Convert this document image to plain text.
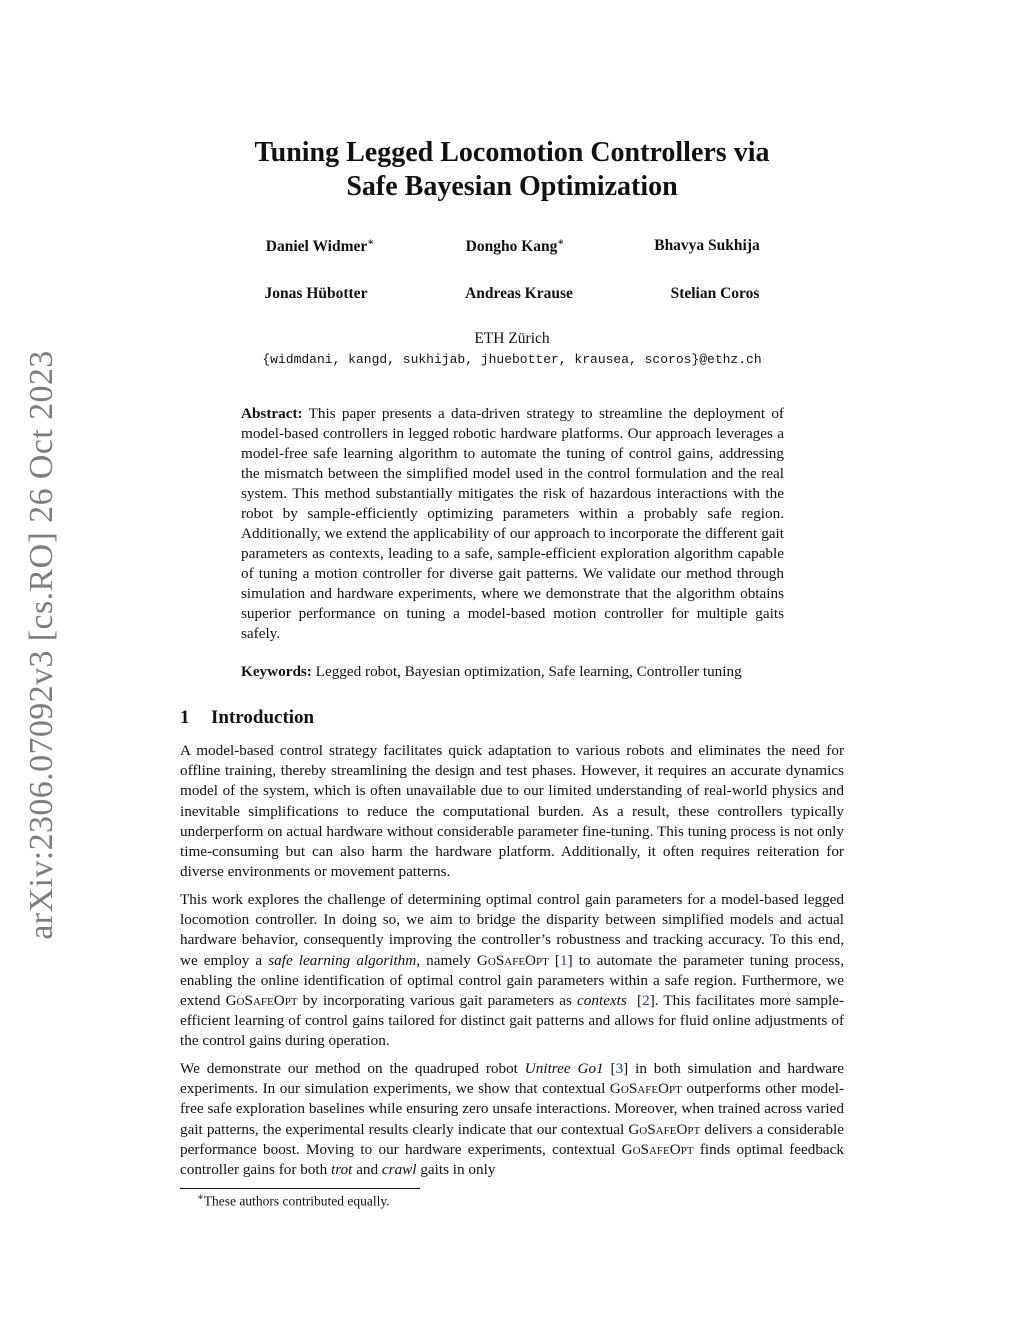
arXiv:2306.07092v3 [cs.RO] 26 Oct 2023
Tuning Legged Locomotion Controllers via
Safe Bayesian Optimization
Daniel Widmer∗	Dongho Kang∗	Bhavya Sukhija
Jonas Hübotter	Andreas Krause	Stelian Coros
ETH Zürich
{widmdani, kangd, sukhijab, jhuebotter, krausea, scoros}@ethz.ch
Abstract: This paper presents a data-driven strategy to streamline the deployment of model-based controllers in legged robotic hardware platforms. Our approach leverages a model-free safe learning algorithm to automate the tuning of control gains, addressing the mismatch between the simplified model used in the control formulation and the real system. This method substantially mitigates the risk of hazardous interactions with the robot by sample-efficiently optimizing parameters within a probably safe region. Additionally, we extend the applicability of our approach to incorporate the different gait parameters as contexts, leading to a safe, sample-efficient exploration algorithm capable of tuning a motion controller for diverse gait patterns. We validate our method through simulation and hardware experiments, where we demonstrate that the algorithm obtains superior performance on tuning a model-based motion controller for multiple gaits safely.
Keywords: Legged robot, Bayesian optimization, Safe learning, Controller tuning
1 Introduction
A model-based control strategy facilitates quick adaptation to various robots and eliminates the need for offline training, thereby streamlining the design and test phases. However, it requires an accurate dynamics model of the system, which is often unavailable due to our limited understanding of real-world physics and inevitable simplifications to reduce the computational burden. As a result, these controllers typically underperform on actual hardware without considerable parameter fine-tuning. This tuning process is not only time-consuming but can also harm the hardware platform. Additionally, it often requires reiteration for diverse environments or movement patterns.
This work explores the challenge of determining optimal control gain parameters for a model-based legged locomotion controller. In doing so, we aim to bridge the disparity between simplified models and actual hardware behavior, consequently improving the controller’s robustness and tracking accuracy. To this end, we employ a safe learning algorithm, namely GoSafeOpt [1] to automate the parameter tuning process, enabling the online identification of optimal control gain parameters within a safe region. Furthermore, we extend GoSafeOpt by incorporating various gait parameters as contexts  [2]. This facilitates more sample-efficient learning of control gains tailored for distinct gait patterns and allows for fluid online adjustments of the control gains during operation.
We demonstrate our method on the quadruped robot Unitree Go1 [3] in both simulation and hardware experiments. In our simulation experiments, we show that contextual GoSafeOpt outperforms other model-free safe exploration baselines while ensuring zero unsafe interactions. Moreover, when trained across varied gait patterns, the experimental results clearly indicate that our contextual GoSafeOpt delivers a considerable performance boost. Moving to our hardware experiments, contextual GoSafeOpt finds optimal feedback controller gains for both trot and crawl gaits in only
∗These authors contributed equally.
